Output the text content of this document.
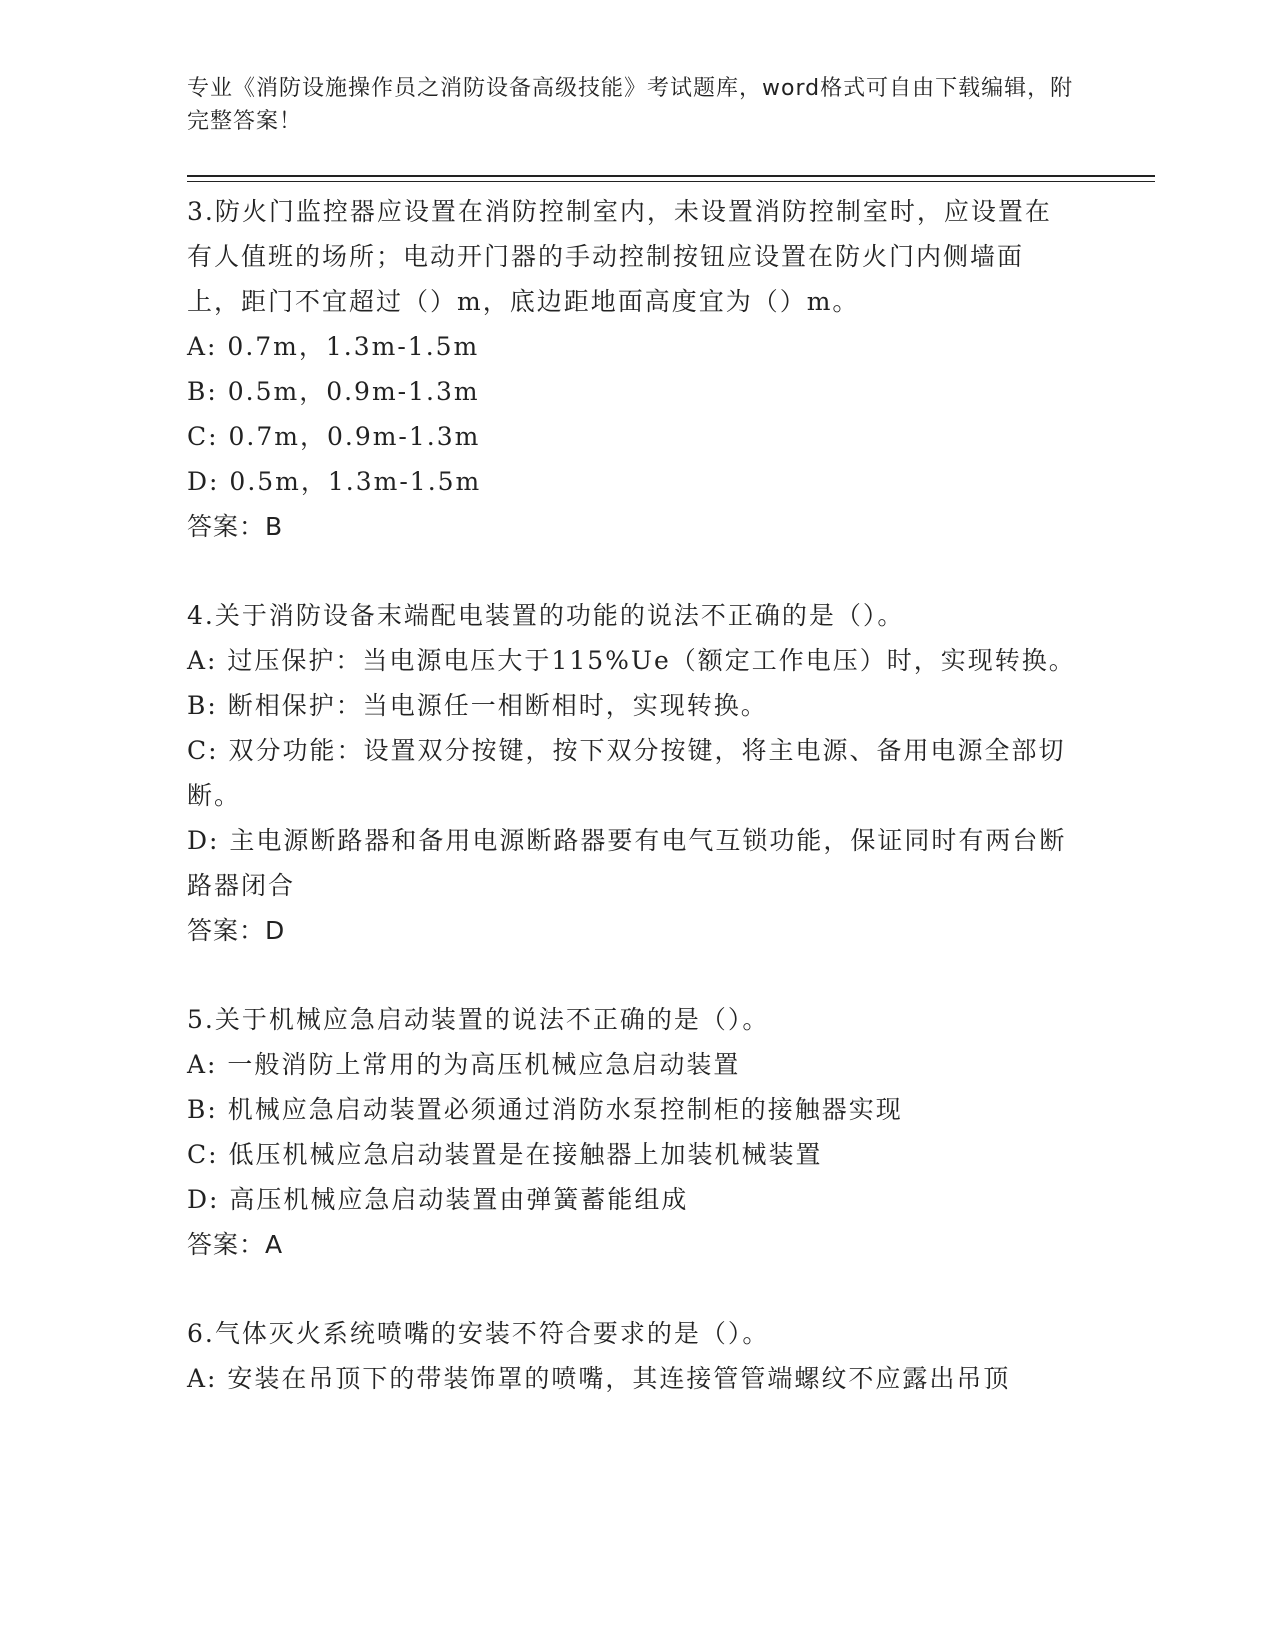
专业《消防设施操作员之消防设备高级技能》考试题库，word格式可自由下载编辑，附完整答案！
3.防火门监控器应设置在消防控制室内，未设置消防控制室时，应设置在有人值班的场所；电动开门器的手动控制按钮应设置在防火门内侧墙面上，距门不宜超过（）m，底边距地面高度宜为（）m。
A: 0.7m，1.3m-1.5m
B: 0.5m，0.9m-1.3m
C: 0.7m，0.9m-1.3m
D: 0.5m，1.3m-1.5m
答案：B
4.关于消防设备末端配电装置的功能的说法不正确的是（）。
A: 过压保护：当电源电压大于115%Ue（额定工作电压）时，实现转换。
B: 断相保护：当电源任一相断相时，实现转换。
C: 双分功能：设置双分按键，按下双分按键，将主电源、备用电源全部切断。
D: 主电源断路器和备用电源断路器要有电气互锁功能，保证同时有两台断路器闭合
答案：D
5.关于机械应急启动装置的说法不正确的是（）。
A: 一般消防上常用的为高压机械应急启动装置
B: 机械应急启动装置必须通过消防水泵控制柜的接触器实现
C: 低压机械应急启动装置是在接触器上加装机械装置
D: 高压机械应急启动装置由弹簧蓄能组成
答案：A
6.气体灭火系统喷嘴的安装不符合要求的是（）。
A: 安装在吊顶下的带装饰罩的喷嘴，其连接管管端螺纹不应露出吊顶
